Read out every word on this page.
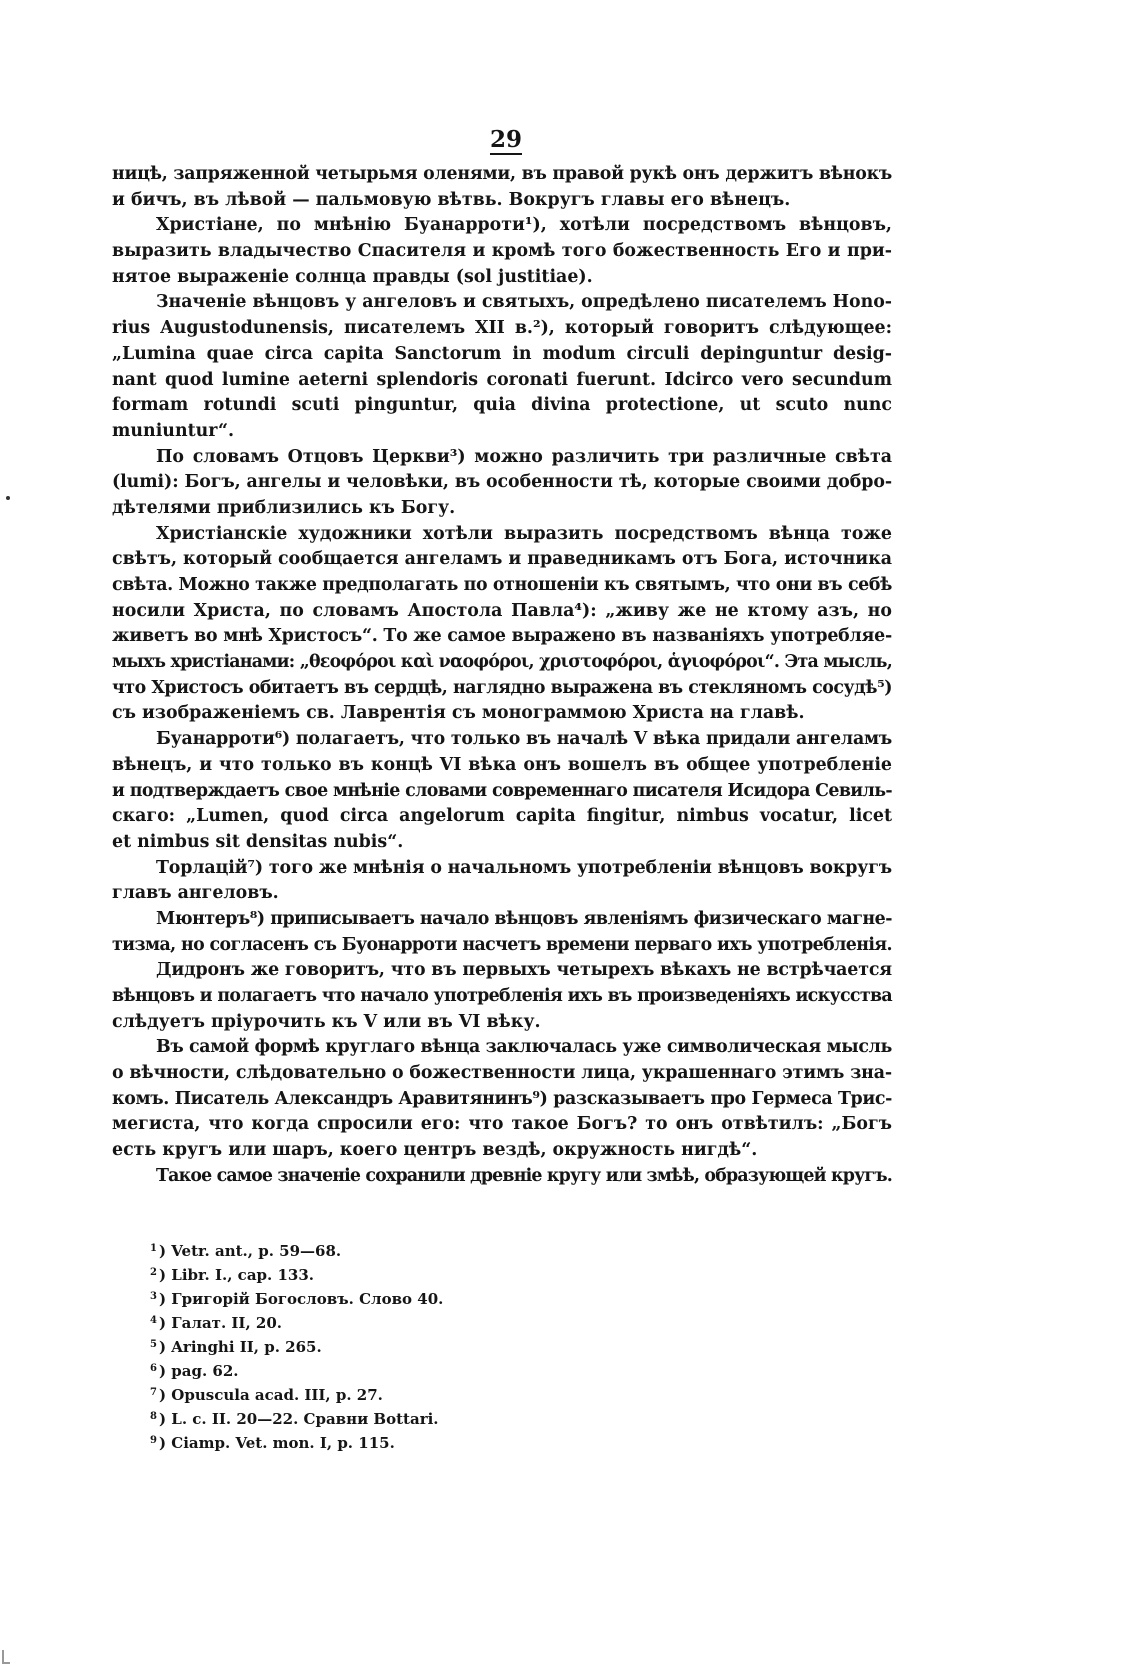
29
ницѣ, запряженной четырьмя оленями, въ правой рукѣ онъ держитъ вѣнокъ
и бичъ, въ лѣвой — пальмовую вѣтвь. Вокругъ главы его вѣнецъ.
Христіане, по мнѣнію Буанарроти¹), хотѣли посредствомъ вѣнцовъ,
выразить владычество Спасителя и кромѣ того божественность Его и при-
нятое выраженіе солнца правды (sol justitiae).
Значеніе вѣнцовъ у ангеловъ и святыхъ, опредѣлено писателемъ Hono-
rius Augustodunensis, писателемъ XII в.²), который говоритъ слѣдующее:
„Lumina quae circa capita Sanctorum in modum circuli depinguntur desig-
nant quod lumine aeterni splendoris coronati fuerunt. Idcirco vero secundum
formam rotundi scuti pinguntur, quia divina protectione, ut scuto nunc
muniuntur“.
По словамъ Отцовъ Церкви³) можно различить три различные свѣта
(lumi): Богъ, ангелы и человѣки, въ особенности тѣ, которые своими добро-
дѣтелями приблизились къ Богу.
Христіанскіе художники хотѣли выразить посредствомъ вѣнца тоже
свѣтъ, который сообщается ангеламъ и праведникамъ отъ Бога, источника
свѣта. Можно также предполагать по отношеніи къ святымъ, что они въ себѣ
носили Христа, по словамъ Апостола Павла⁴): „живу же не ктому азъ, но
живетъ во мнѣ Христосъ“. То же самое выражено въ названіяхъ употребляе-
мыхъ христіанами: „θεοφόροι καὶ ναοφόροι, χριστοφόροι, ἁγιοφόροι“. Эта мысль,
что Христосъ обитаетъ въ сердцѣ, наглядно выражена въ стекляномъ сосудѣ⁵)
съ изображеніемъ св. Лаврентія съ монограммою Христа на главѣ.
Буанарроти⁶) полагаетъ, что только въ началѣ V вѣка придали ангеламъ
вѣнецъ, и что только въ концѣ VI вѣка онъ вошелъ въ общее употребленіе
и подтверждаетъ свое мнѣніе словами современнаго писателя Исидора Севиль-
скаго: „Lumen, quod circa angelorum capita fingitur, nimbus vocatur, licet
et nimbus sit densitas nubis“.
Торлацій⁷) того же мнѣнія о начальномъ употребленіи вѣнцовъ вокругъ
главъ ангеловъ.
Мюнтеръ⁸) приписываетъ начало вѣнцовъ явленіямъ физическаго магне-
тизма, но согласенъ съ Буонарроти насчетъ времени перваго ихъ употребленія.
Дидронъ же говоритъ, что въ первыхъ четырехъ вѣкахъ не встрѣчается
вѣнцовъ и полагаетъ что начало употребленія ихъ въ произведеніяхъ искусства
слѣдуетъ пріурочить къ V или въ VI вѣку.
Въ самой формѣ круглаго вѣнца заключалась уже символическая мысль
о вѣчности, слѣдовательно о божественности лица, украшеннаго этимъ зна-
комъ. Писатель Александръ Аравитянинъ⁹) разсказываетъ про Гермеса Трис-
мегиста, что когда спросили его: что такое Богъ? то онъ отвѣтилъ: „Богъ
есть кругъ или шаръ, коего центръ вездѣ, окружность нигдѣ“.
Такое самое значеніе сохранили древніе кругу или змѣѣ, образующей кругъ.
$^1$ ) Vetr. ant., p. 59—68.
$^2$ ) Libr. I., cap. 133.
$^3$ ) Григорій Богословъ. Слово 40.
$^4$ ) Галат. II, 20.
$^5$ ) Aringhi II, p. 265.
$^6$ ) pag. 62.
$^7$ ) Opuscula acad. III, p. 27.
$^8$ ) L. c. II. 20—22. Сравни Bottari.
$^9$ ) Ciamp. Vet. mon. I, p. 115.
